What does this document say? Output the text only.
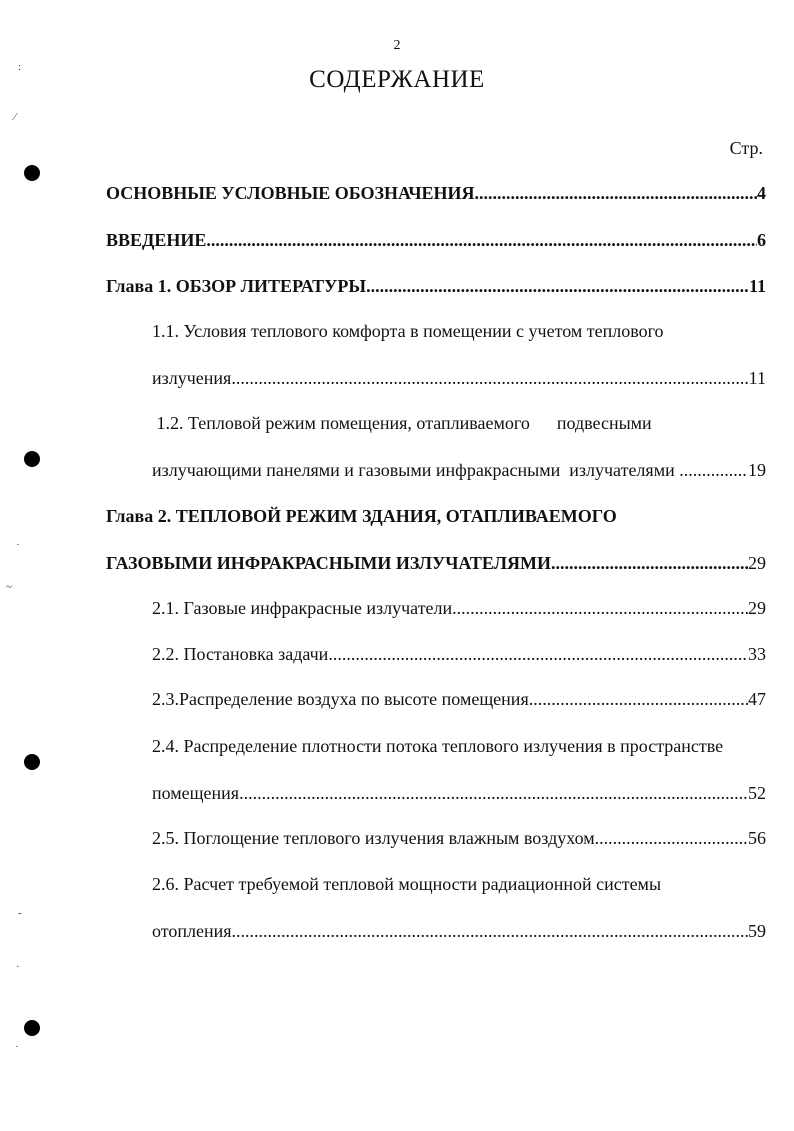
2
СОДЕРЖАНИЕ
Стр.
ОСНОВНЫЕ УСЛОВНЫЕ ОБОЗНАЧЕНИЯ .....	4
ВВЕДЕНИЕ .....	6
Глава 1. ОБЗОР ЛИТЕРАТУРЫ .....	11
1.1. Условия теплового комфорта в помещении с учетом теплового
излучения .....	11
1.2. Тепловой режим помещения, отапливаемого      подвесными
излучающими панелями и газовыми инфракрасными  излучателями .....	19
Глава 2. ТЕПЛОВОЙ РЕЖИМ ЗДАНИЯ, ОТАПЛИВАЕМОГО
ГАЗОВЫМИ ИНФРАКРАСНЫМИ ИЗЛУЧАТЕЛЯМИ .....	29
2.1. Газовые инфракрасные излучатели .....	29
2.2. Постановка задачи .....	33
2.3.Распределение воздуха по высоте помещения .....	47
2.4. Распределение плотности потока теплового излучения в пространстве
помещения .....	52
2.5. Поглощение теплового излучения влажным воздухом .....	56
2.6. Расчет требуемой тепловой мощности радиационной системы
отопления .....	59
:
⁄
˙
~
-
·
˙
